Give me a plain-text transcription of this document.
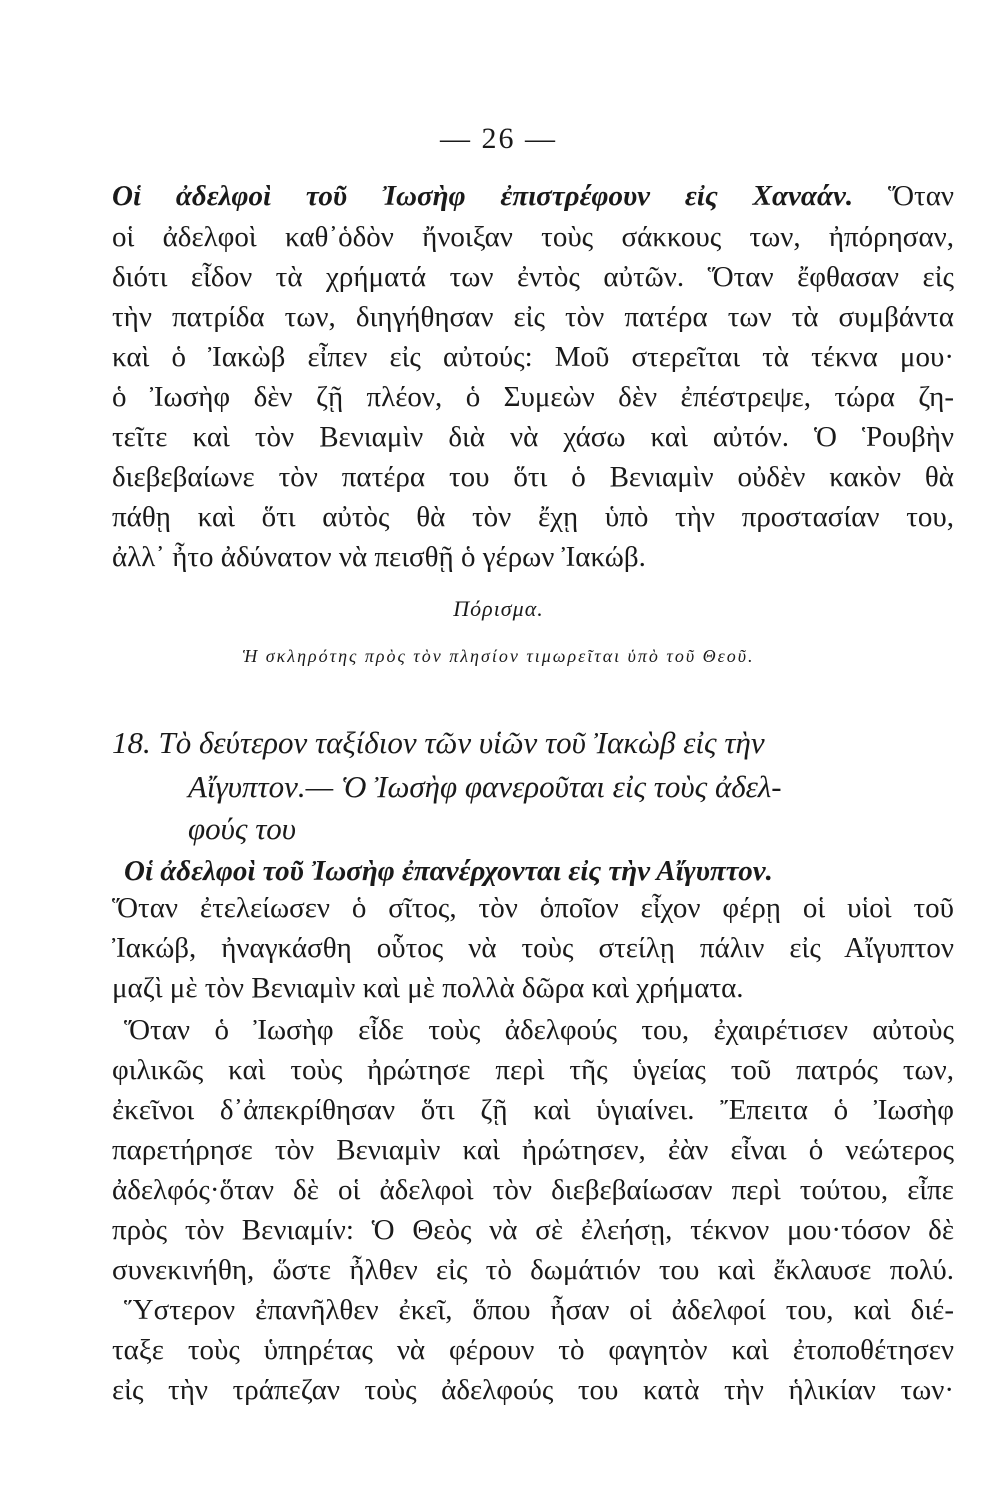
— 26 —
Οἱ ἀδελφοὶ τοῦ Ἰωσὴφ ἐπιστρέφουν εἰς Χαναάν. Ὅταν
οἱ ἀδελφοὶ καθ᾽ὁδὸν ἤνοιξαν τοὺς σάκκους των, ἠπόρησαν,
διότι εἶδον τὰ χρήματά των ἐντὸς αὐτῶν. Ὅταν ἔφθασαν εἰς
τὴν πατρίδα των, διηγήθησαν εἰς τὸν πατέρα των τὰ συμβάντα
καὶ ὁ Ἰακὼβ εἶπεν εἰς αὐτούς: Μοῦ στερεῖται τὰ τέκνα μου·
ὁ Ἰωσὴφ δὲν ζῇ πλέον, ὁ Συμεὼν δὲν ἐπέστρεψε, τώρα ζη-
τεῖτε καὶ τὸν Βενιαμὶν διὰ νὰ χάσω καὶ αὐτόν. Ὁ Ῥουβὴν
διεβεβαίωνε τὸν πατέρα του ὅτι ὁ Βενιαμὶν οὐδὲν κακὸν θὰ
πάθῃ καὶ ὅτι αὐτὸς θὰ τὸν ἔχῃ ὑπὸ τὴν προστασίαν του,
ἀλλ᾽ ἦτο ἀδύνατον νὰ πεισθῇ ὁ γέρων Ἰακώβ.
Πόρισμα.
Ἡ σκληρότης πρὸς τὸν πλησίον τιμωρεῖται ὑπὸ τοῦ Θεοῦ.
18. Τὸ δεύτερον ταξίδιον τῶν υἱῶν τοῦ Ἰακὼβ εἰς τὴν
Αἴγυπτον.— Ὁ Ἰωσὴφ φανεροῦται εἰς τοὺς ἀδελ-
φούς του
Οἱ ἀδελφοὶ τοῦ Ἰωσὴφ ἐπανέρχονται εἰς τὴν Αἴγυπτον.
Ὅταν ἐτελείωσεν ὁ σῖτος, τὸν ὁποῖον εἶχον φέρῃ οἱ υἱοὶ τοῦ
Ἰακώβ, ἠναγκάσθη οὗτος νὰ τοὺς στείλῃ πάλιν εἰς Αἴγυπτον
μαζὶ μὲ τὸν Βενιαμὶν καὶ μὲ πολλὰ δῶρα καὶ χρήματα.
Ὅταν ὁ Ἰωσὴφ εἶδε τοὺς ἀδελφούς του, ἐχαιρέτισεν αὐτοὺς
φιλικῶς καὶ τοὺς ἠρώτησε περὶ τῆς ὑγείας τοῦ πατρός των,
ἐκεῖνοι δ᾽ἀπεκρίθησαν ὅτι ζῇ καὶ ὑγιαίνει. Ἔπειτα ὁ Ἰωσὴφ
παρετήρησε τὸν Βενιαμὶν καὶ ἠρώτησεν, ἐὰν εἶναι ὁ νεώτερος
ἀδελφός·ὅταν δὲ οἱ ἀδελφοὶ τὸν διεβεβαίωσαν περὶ τούτου, εἶπε
πρὸς τὸν Βενιαμίν: Ὁ Θεὸς νὰ σὲ ἐλεήσῃ, τέκνον μου·τόσον δὲ
συνεκινήθη, ὥστε ἦλθεν εἰς τὸ δωμάτιόν του καὶ ἔκλαυσε πολύ.
Ὕστερον ἐπανῆλθεν ἐκεῖ, ὅπου ἦσαν οἱ ἀδελφοί του, καὶ διέ-
ταξε τοὺς ὑπηρέτας νὰ φέρουν τὸ φαγητὸν καὶ ἐτοποθέτησεν
εἰς τὴν τράπεζαν τοὺς ἀδελφούς του κατὰ τὴν ἡλικίαν των·
